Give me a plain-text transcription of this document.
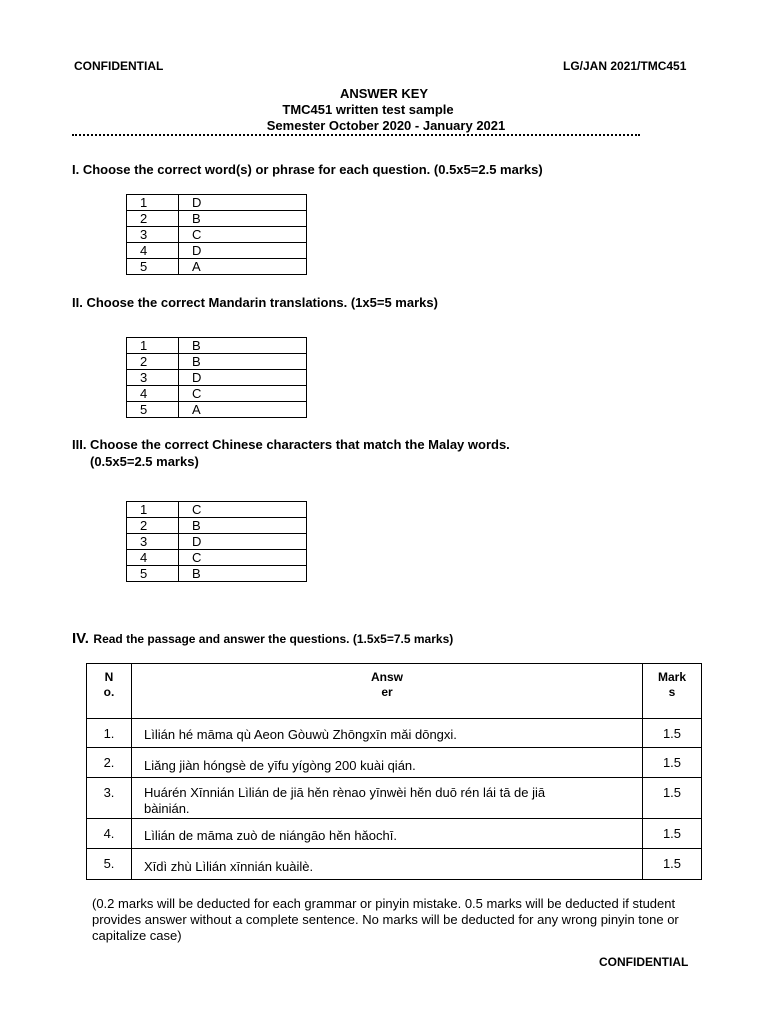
CONFIDENTIAL	LG/JAN 2021/TMC451
ANSWER KEY
TMC451 written test sample
Semester October 2020 - January 2021
I. Choose the correct word(s) or phrase for each question. (0.5x5=2.5 marks)
1	D
2	B
3	C
4	D
5	A
II. Choose the correct Mandarin translations. (1x5=5 marks)
1	B
2	B
3	D
4	C
5	A
III. Choose the correct Chinese characters that match the Malay words.
(0.5x5=2.5 marks)
1	C
2	B
3	D
4	C
5	B
IV. Read the passage and answer the questions. (1.5x5=7.5 marks)
No.	Answer	Marks

1.	Lìlián hé māma qù Aeon Gòuwù Zhōngxīn mǎi dōngxi.	1.5
2.	Liǎng jiàn hóngsè de yīfu yígòng 200 kuài qián.	1.5
3.	Huárén Xīnnián Lìlián de jiā hěn rènao yīnwèi hěn duō rén lái tā de jiā bàinián.	1.5
4.	Lìlián de māma zuò de niángāo hěn hǎochī.	1.5
5.	Xīdì zhù Lìlián xīnnián kuàilè.	1.5
(0.2 marks will be deducted for each grammar or pinyin mistake. 0.5 marks will be deducted if student provides answer without a complete sentence. No marks will be deducted for any wrong pinyin tone or capitalize case)
CONFIDENTIAL
